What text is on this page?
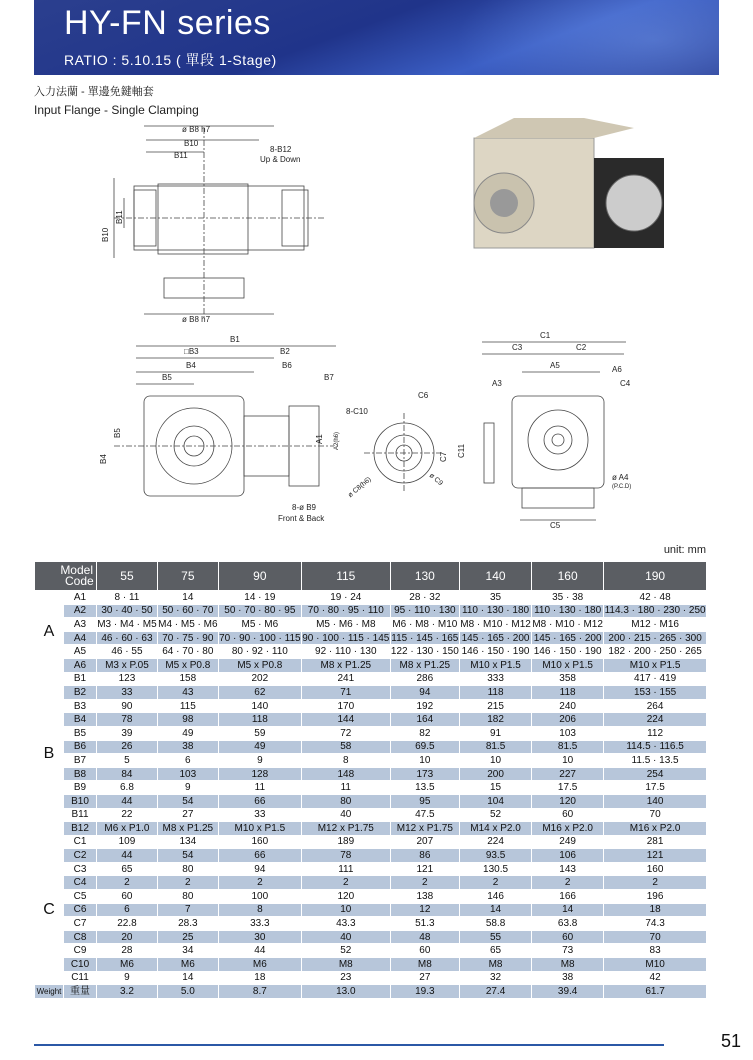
HY-FN series
RATIO : 5.10.15 ( 單段 1-Stage)
入力法蘭 - 單邊免鍵軸套
Input Flange - Single Clamping
ø B8 h7
B10
B11
8-B12
Up & Down
B10
B11
ø B8 h7
B1
□B3	B2
B4	B6
B5	B7
B5
B4
A1 A2(h6)
8-ø B9
Front & Back
8-C10
C6
ø C8(h6)	ø C9
C7 C11
C1
C3	C2
A5	A6
A3	C4
ø A4
(P.C.D)
C5
unit: mm
Model
Code		55	75	90	115	130	140	160	190
A	A1	8 · 11	14	14 · 19	19 · 24	28 · 32	35	35 · 38	42 · 48
	A2	30 · 40 · 50	50 · 60 · 70	50 · 70 · 80 · 95	70 · 80 · 95 · 110	95 · 110 · 130	110 · 130 · 180	110 · 130 · 180	114.3 · 180 · 230 · 250
	A3	M3 · M4 · M5	M4 · M5 · M6	M5 · M6	M5 · M6 · M8	M6 · M8 · M10	M8 · M10 · M12	M8 · M10 · M12	M12 · M16
	A4	46 · 60 · 63	70 · 75 · 90	70 · 90 · 100 · 115	90 · 100 · 115 · 145	115 · 145 · 165	145 · 165 · 200	145 · 165 · 200	200 · 215 · 265 · 300
	A5	46 · 55	64 · 70 · 80	80 · 92 · 110	92 · 110 · 130	122 · 130 · 150	146 · 150 · 190	146 · 150 · 190	182 · 200 · 250 · 265
	A6	M3 x P.05	M5 x P0.8	M5 x P0.8	M8 x P1.25	M8 x P1.25	M10 x P1.5	M10 x P1.5	M10 x P1.5
B	B1	123	158	202	241	286	333	358	417 · 419
	B2	33	43	62	71	94	118	118	153 · 155
	B3	90	115	140	170	192	215	240	264
	B4	78	98	118	144	164	182	206	224
	B5	39	49	59	72	82	91	103	112
	B6	26	38	49	58	69.5	81.5	81.5	114.5 · 116.5
	B7	5	6	9	8	10	10	10	11.5 · 13.5
	B8	84	103	128	148	173	200	227	254
	B9	6.8	9	11	11	13.5	15	17.5	17.5
	B10	44	54	66	80	95	104	120	140
	B11	22	27	33	40	47.5	52	60	70
	B12	M6 x P1.0	M8 x P1.25	M10 x P1.5	M12 x P1.75	M12 x P1.75	M14 x P2.0	M16 x P2.0	M16 x P2.0
C	C1	109	134	160	189	207	224	249	281
	C2	44	54	66	78	86	93.5	106	121
	C3	65	80	94	111	121	130.5	143	160
	C4	2	2	2	2	2	2	2	2
	C5	60	80	100	120	138	146	166	196
	C6	6	7	8	10	12	14	14	18
	C7	22.8	28.3	33.3	43.3	51.3	58.8	63.8	74.3
	C8	20	25	30	40	48	55	60	70
	C9	28	34	44	52	60	65	73	83
	C10	M6	M6	M6	M8	M8	M8	M8	M10
	C11	9	14	18	23	27	32	38	42
Weight	重量	3.2	5.0	8.7	13.0	19.3	27.4	39.4	61.7
51
